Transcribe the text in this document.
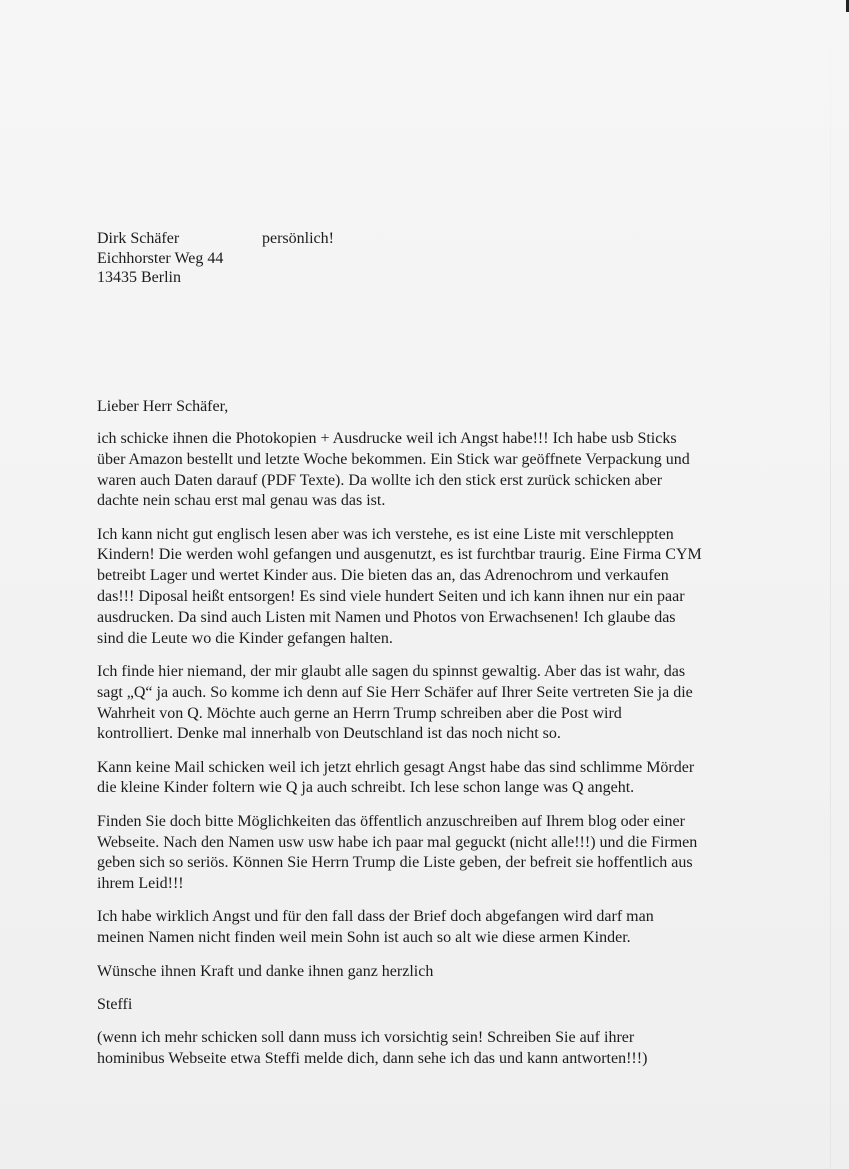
Dirk Schäfer
Eichhorster Weg 44
13435 Berlin
persönlich!
Lieber Herr Schäfer,
ich schicke ihnen die Photokopien + Ausdrucke weil ich Angst habe!!! Ich habe usb Sticks
über Amazon bestellt und letzte Woche bekommen. Ein Stick war geöffnete Verpackung und
waren auch Daten darauf (PDF Texte). Da wollte ich den stick erst zurück schicken aber
dachte nein schau erst mal genau was das ist.
Ich kann nicht gut englisch lesen aber was ich verstehe, es ist eine Liste mit verschleppten
Kindern! Die werden wohl gefangen und ausgenutzt, es ist furchtbar traurig. Eine Firma CYM
betreibt Lager und wertet Kinder aus. Die bieten das an, das Adrenochrom und verkaufen
das!!! Diposal heißt entsorgen! Es sind viele hundert Seiten und ich kann ihnen nur ein paar
ausdrucken. Da sind auch Listen mit Namen und Photos von Erwachsenen! Ich glaube das
sind die Leute wo die Kinder gefangen halten.
Ich finde hier niemand, der mir glaubt alle sagen du spinnst gewaltig. Aber das ist wahr, das
sagt „Q“ ja auch. So komme ich denn auf Sie Herr Schäfer auf Ihrer Seite vertreten Sie ja die
Wahrheit von Q. Möchte auch gerne an Herrn Trump schreiben aber die Post wird
kontrolliert. Denke mal innerhalb von Deutschland ist das noch nicht so.
Kann keine Mail schicken weil ich jetzt ehrlich gesagt Angst habe das sind schlimme Mörder
die kleine Kinder foltern wie Q ja auch schreibt. Ich lese schon lange was Q angeht.
Finden Sie doch bitte Möglichkeiten das öffentlich anzuschreiben auf Ihrem blog oder einer
Webseite. Nach den Namen usw usw habe ich paar mal geguckt (nicht alle!!!) und die Firmen
geben sich so seriös. Können Sie Herrn Trump die Liste geben, der befreit sie hoffentlich aus
ihrem Leid!!!
Ich habe wirklich Angst und für den fall dass der Brief doch abgefangen wird darf man
meinen Namen nicht finden weil mein Sohn ist auch so alt wie diese armen Kinder.
Wünsche ihnen Kraft und danke ihnen ganz herzlich
Steffi
(wenn ich mehr schicken soll dann muss ich vorsichtig sein! Schreiben Sie auf ihrer
hominibus Webseite etwa Steffi melde dich, dann sehe ich das und kann antworten!!!)
